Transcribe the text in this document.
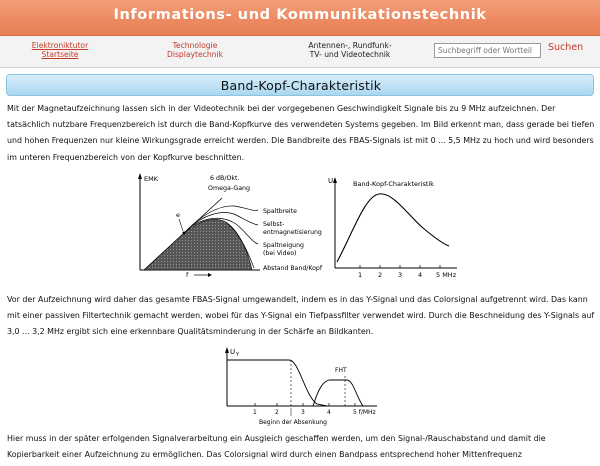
Informations- und Kommunikationstechnik
Elektroniktutor
Startseite
Technologie
Displaytechnik
Antennen-, Rundfunk-
TV- und Videotechnik
Suchbegriff oder Wortteil
Suchen
Band-Kopf-Charakteristik

Mit der Magnetaufzeichnung lassen sich in der Videotechnik bei der vorgegebenen Geschwindigkeit Signale bis zu 9 MHz aufzeichnen. Der tatsächlich nutzbare Frequenzbereich ist durch die Band-Kopfkurve des verwendeten Systems gegeben. Im Bild erkennt man, dass gerade bei tiefen und hohen Frequenzen nur kleine Wirkungsgrade erreicht werden. Die Bandbreite des FBAS-Signals ist mit 0 ... 5,5 MHz zu hoch und wird besonders im unteren Frequenzbereich von der Kopfkurve beschnitten.

EMK
e
6 dB/Okt.
Omega-Gang
Spaltbreite
Selbst-
entmagnetisierung
Spaltneigung
(bei Video)
Abstand Band/Kopf
f
U	Band-Kopf-Charakteristik
1 2 3 4 5 MHz

Vor der Aufzeichnung wird daher das gesamte FBAS-Signal umgewandelt, indem es in das Y-Signal und das Colorsignal aufgetrennt wird. Das kann mit einer passiven Filtertechnik gemacht werden, wobei für das Y-Signal ein Tiefpassfilter verwendet wird. Durch die Beschneidung des Y-Signals auf 3,0 ... 3,2 MHz ergibt sich eine erkennbare Qualitätsminderung in der Schärfe an Bildkanten.

U Y
FHT
1	2	3	4	5 f/MHz
Beginn der Absenkung

Hier muss in der später erfolgenden Signalverarbeitung ein Ausgleich geschaffen werden, um den Signal-/Rauschabstand und damit die Kopierbarkeit einer Aufzeichnung zu ermöglichen. Das Colorsignal wird durch einen Bandpass entsprechend hoher Mittenfrequenz
